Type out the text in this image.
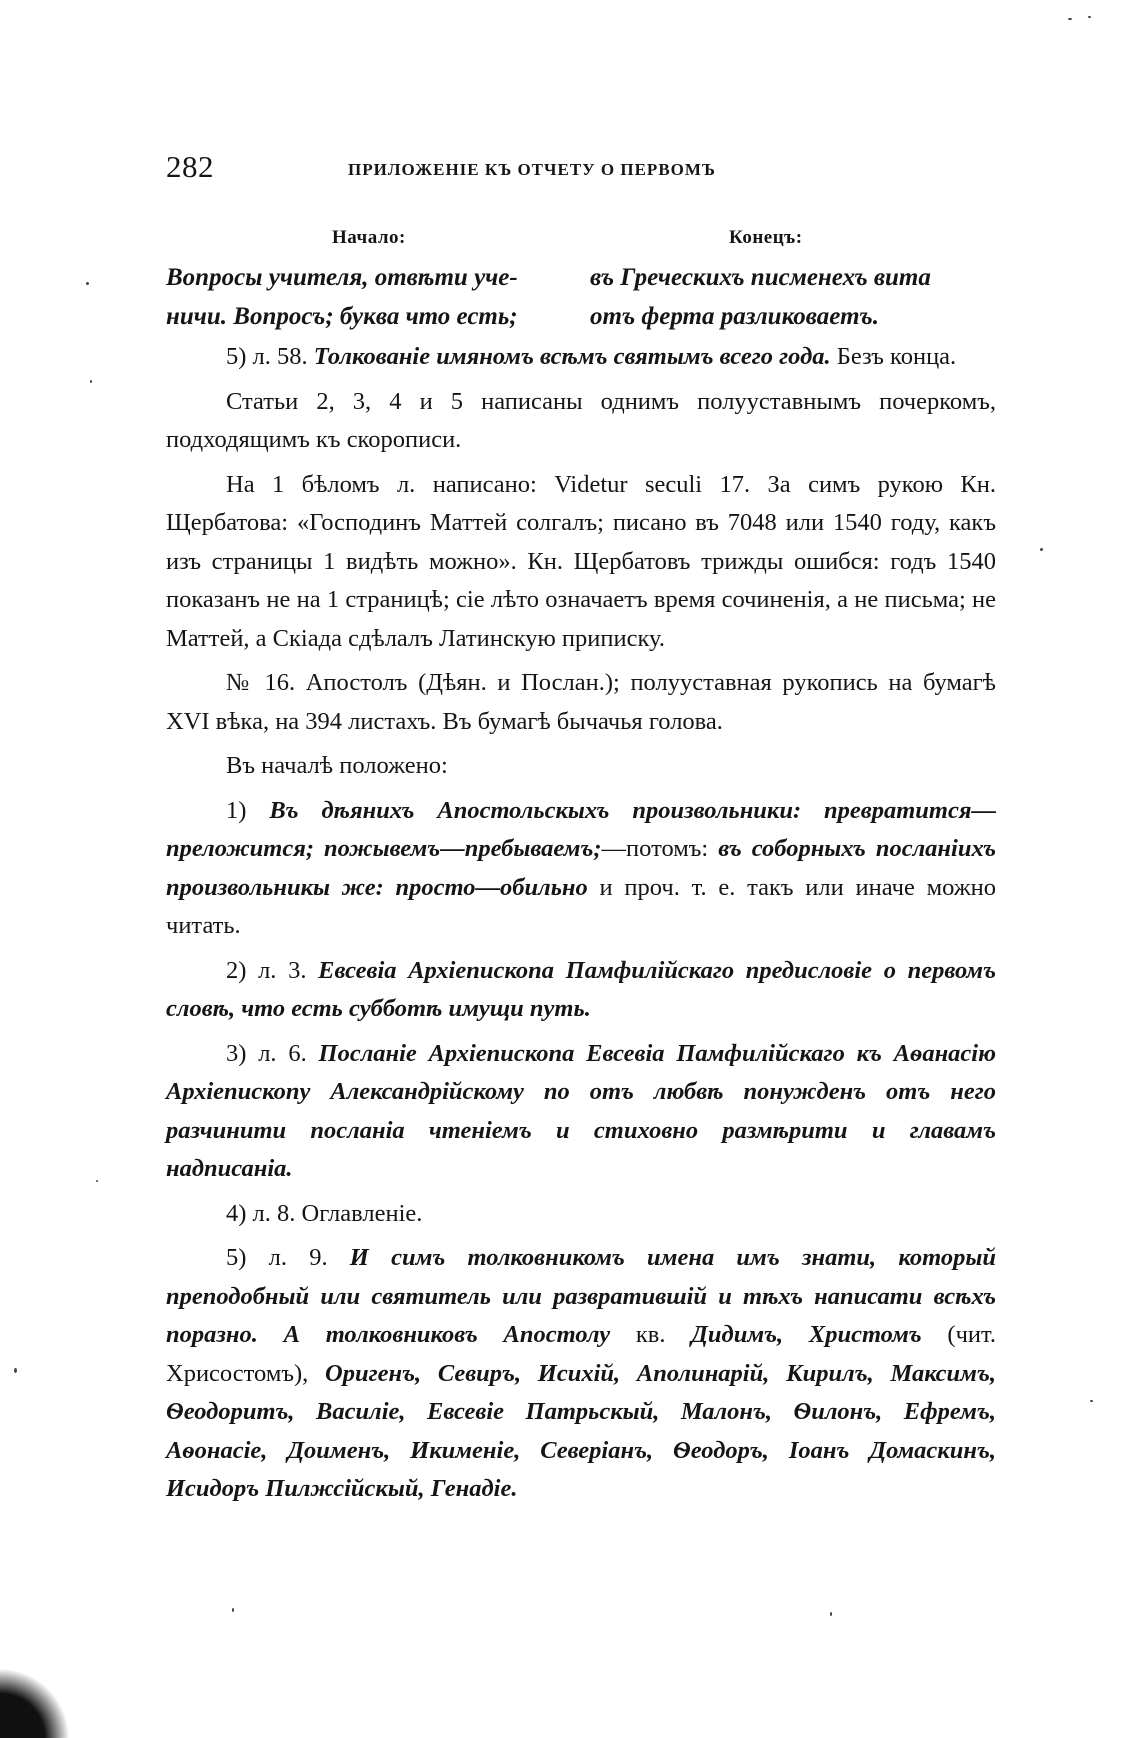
282	ПРИЛОЖЕНІЕ КЪ ОТЧЕТУ О ПЕРВОМЪ
Начало:	Конецъ:
Вопросы учителя, отвѣти уче-
ничи. Вопросъ; буква что есть;
въ Греческихъ писменехъ вита
отъ ферта разликоваетъ.

5) л. 58. Толкованіе имяномъ всѣмъ святымъ всего года. Безъ конца.

Статьи 2, 3, 4 и 5 написаны однимъ полууставнымъ почеркомъ, подходящимъ къ скорописи.

На 1 бѣломъ л. написано: Videtur seculi 17. За симъ рукою Кн. Щербатова: «Господинъ Маттей солгалъ; писано въ 7048 или 1540 году, какъ изъ страницы 1 видѣть можно». Кн. Щербатовъ трижды ошибся: годъ 1540 показанъ не на 1 страницѣ; сіе лѣто означаетъ время сочиненія, а не письма; не Маттей, а Скіада сдѣлалъ Латинскую приписку.

№ 16. Апостолъ (Дѣян. и Послан.); полууставная рукопись на бумагѣ XVI вѣка, на 394 листахъ. Въ бумагѣ бычачья голова.

Въ началѣ положено:

1) Въ дѣянихъ Апостольскыхъ произвольники: превратится—преложится; пожывемъ—пребываемъ;—потомъ: въ соборныхъ посланіихъ произвольникы же: просто—обильно и проч. т. е. такъ или иначе можно читать.

2) л. 3. Евсевіа Архіепископа Памфилійскаго предисловіе о первомъ словѣ, что есть субботѣ имущи путь.

3) л. 6. Посланіе Архіепископа Евсевіа Памфилійскаго къ Аѳанасію Архіепископу Александрійскому по отъ любвѣ понужденъ отъ него разчинити посланіа чтеніемъ и стиховно размѣрити и главамъ надписаніа.

4) л. 8. Оглавленіе.

5) л. 9. И симъ толковникомъ имена имъ знати, который преподобный или святитель или развратившій и тѣхъ написати всѣхъ поразно. А толковниковъ Апостолу кв. Дидимъ, Христомъ (чит. Хрисостомъ), Оригенъ, Севиръ, Исихій, Аполинарій, Кирилъ, Максимъ, Ѳеодоритъ, Василіе, Евсевіе Патрьскый, Малонъ, Ѳилонъ, Ефремъ, Аѳонасіе, Доименъ, Икименіе, Северіанъ, Ѳеодоръ, Іоанъ Домаскинъ, Исидоръ Пилжсійскый, Генадіе.
